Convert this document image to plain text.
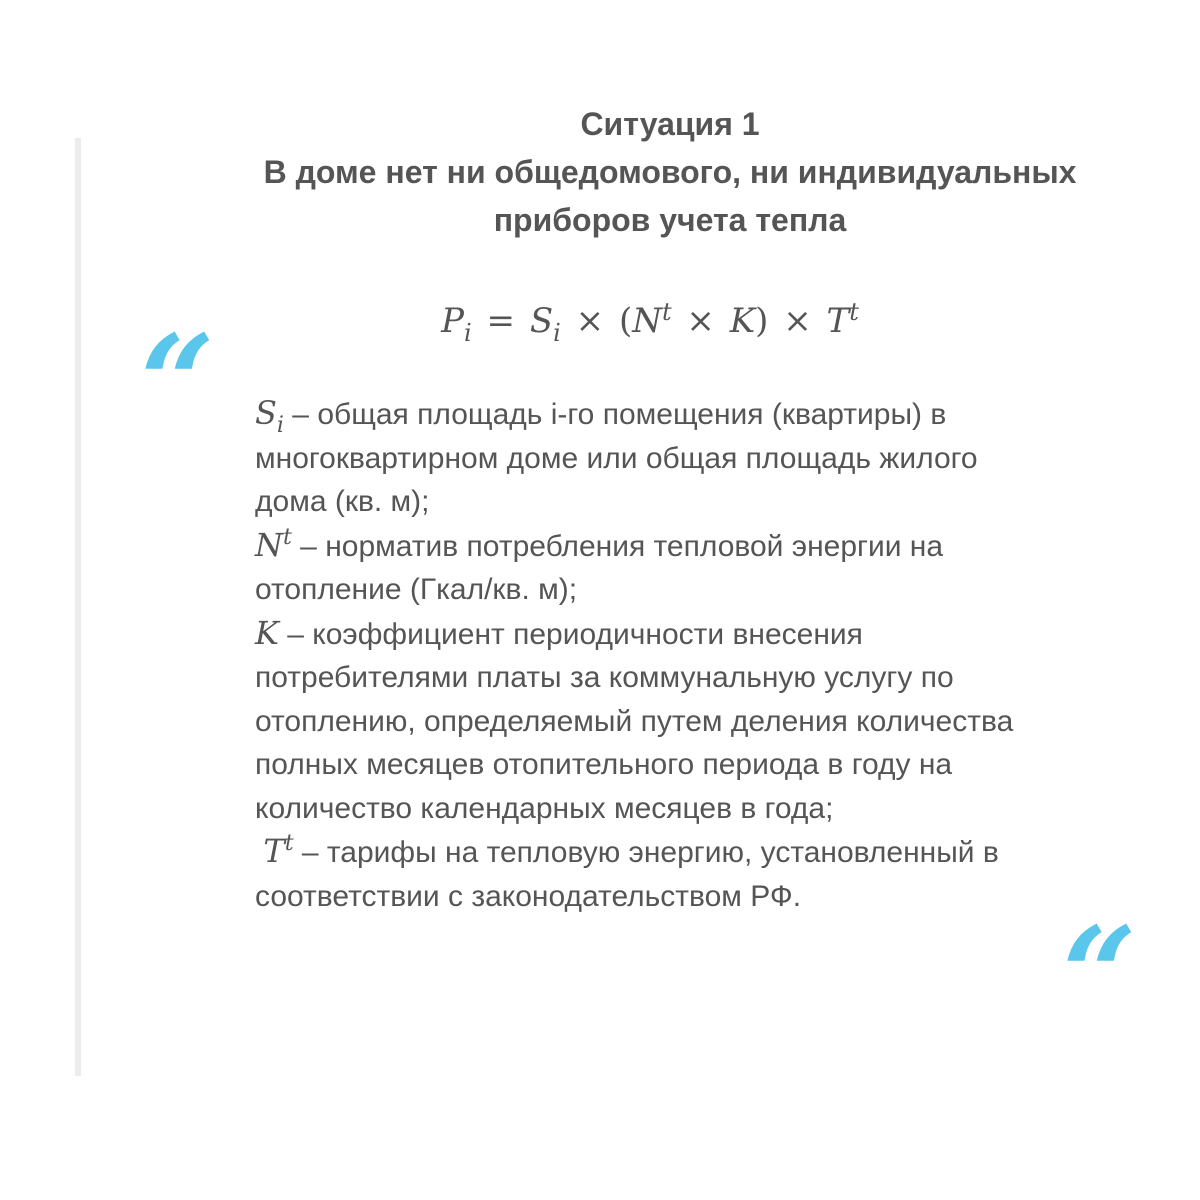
Ситуация 1
В доме нет ни общедомового, ни индивидуальных
приборов учета тепла
$P_i = S_i \times (N^t \times K) \times T^t$
“
“

$S_i$ – общая площадь i-го помещения (квартиры) в многоквартирном доме или общая площадь жилого дома (кв. м);

$N^t$ – норматив потребления тепловой энергии на отопление (Гкал/кв. м);

K – коэффициент периодичности внесения потребителями платы за коммунальную услугу по отоплению, определяемый путем деления количества полных месяцев отопительного периода в году на количество календарных месяцев в года;

$T^t$ – тарифы на тепловую энергию, установленный в соответствии с законодательством РФ.
